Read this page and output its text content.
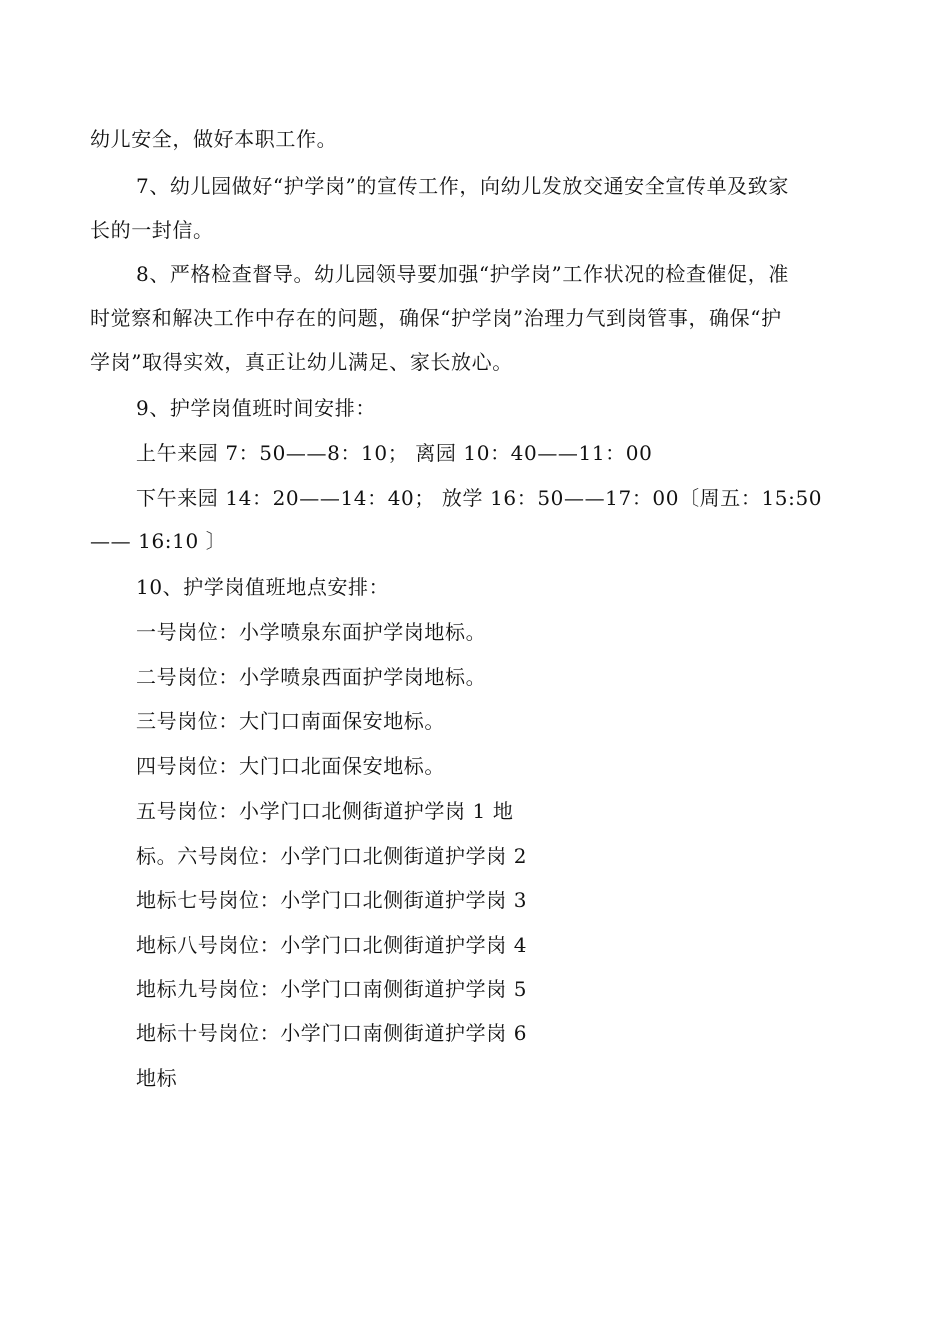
幼儿安全，做好本职工作。
7、幼儿园做好“护学岗”的宣传工作，向幼儿发放交通安全宣传单及致家
长的一封信。
8、严格检查督导。幼儿园领导要加强“护学岗”工作状况的检查催促，准
时觉察和解决工作中存在的问题，确保“护学岗”治理力气到岗管事，确保“护
学岗”取得实效，真正让幼儿满足、家长放心。
9、护学岗值班时间安排：
上午来园 7：50——8：10； 离园 10：40——11：00
下午来园 14：20——14：40； 放学 16：50——17：00〔周五：15:50
—— 16:10 〕
10、护学岗值班地点安排：
一号岗位：小学喷泉东面护学岗地标。
二号岗位：小学喷泉西面护学岗地标。
三号岗位：大门口南面保安地标。
四号岗位：大门口北面保安地标。
五号岗位：小学门口北侧街道护学岗 1 地
标。六号岗位：小学门口北侧街道护学岗 2
地标七号岗位：小学门口北侧街道护学岗 3
地标八号岗位：小学门口北侧街道护学岗 4
地标九号岗位：小学门口南侧街道护学岗 5
地标十号岗位：小学门口南侧街道护学岗 6
地标
